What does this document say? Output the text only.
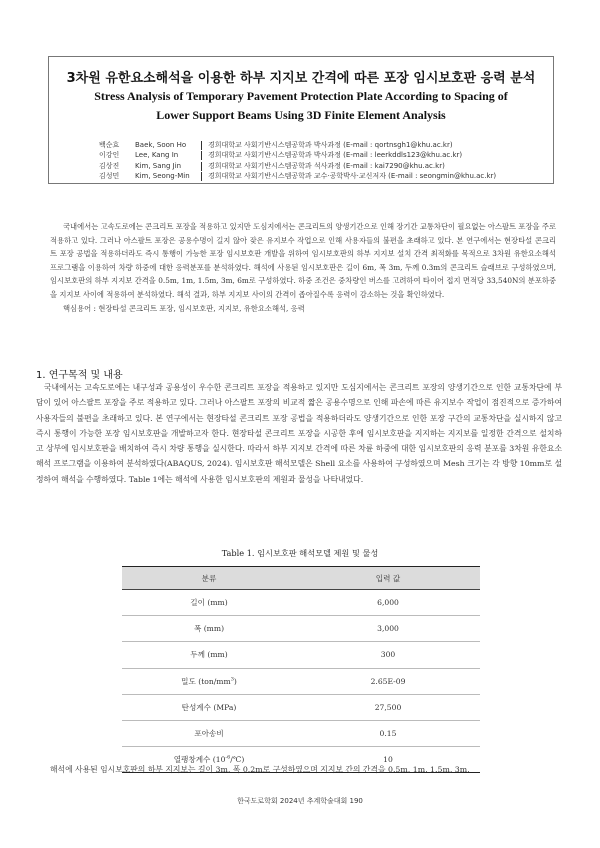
3차원 유한요소해석을 이용한 하부 지지보 간격에 따른 포장 임시보호판 응력 분석
Stress Analysis of Temporary Pavement Protection Plate According to Spacing of
Lower Support Beams Using 3D Finite Element Analysis
백순효	Baek, Soon Ho	경희대학교 사회기반시스템공학과 박사과정 (E-mail : qortnsgh1@khu.ac.kr)
이강인	Lee, Kang In	경희대학교 사회기반시스템공학과 박사과정 (E-mail : leerkddls123@khu.ac.kr)
김상진	Kim, Sang Jin	경희대학교 사회기반시스템공학과 석사과정 (E-mail : kai7290@khu.ac.kr)
김성민	Kim, Seong-Min	경희대학교 사회기반시스템공학과 교수·공학박사·교신저자 (E-mail : seongmin@khu.ac.kr)

국내에서는 고속도로에는 콘크리트 포장을 적용하고 있지만 도심지에서는 콘크리트의 양생기간으로 인해 장기간 교통차단이 필요없는 아스팔트 포장을 주로 적용하고 있다. 그러나 아스팔트 포장은 공용수명이 길지 않아 잦은 유지보수 작업으로 인해 사용자들의 불편을 초래하고 있다. 본 연구에서는 현장타설 콘크리트 포장 공법을 적용하더라도 즉시 통행이 가능한 포장 임시보호판 개발을 위하여 임시보호판의 하부 지지보 설치 간격 최적화를 목적으로 3차원 유한요소해석 프로그램을 이용하여 차량 하중에 대한 응력분포를 분석하였다. 해석에 사용된 임시보호판은 길이 6m, 폭 3m, 두께 0.3m의 콘크리트 슬래브로 구성하였으며, 임시보호판의 하부 지지보 간격을 0.5m, 1m, 1.5m, 3m, 6m로 구성하였다. 하중 조건은 중차량인 버스를 고려하여 타이어 접지 면적당 33,540N의 분포하중을 지지보 사이에 적용하여 분석하였다. 해석 결과, 하부 지지보 사이의 간격이 좁아질수록 응력이 감소하는 것을 확인하였다.

핵심용어 : 현장타설 콘크리트 포장, 임시보호판, 지지보, 유한요소해석, 응력

1. 연구목적 및 내용

국내에서는 고속도로에는 내구성과 공용성이 우수한 콘크리트 포장을 적용하고 있지만 도심지에서는 콘크리트 포장의 양생기간으로 인한 교통차단에 부담이 있어 아스팔트 포장을 주로 적용하고 있다. 그러나 아스팔트 포장의 비교적 짧은 공용수명으로 인해 파손에 따른 유지보수 작업이 점진적으로 증가하여 사용자들의 불편을 초래하고 있다. 본 연구에서는 현장타설 콘크리트 포장 공법을 적용하더라도 양생기간으로 인한 포장 구간의 교통차단을 실시하지 않고 즉시 통행이 가능한 포장 임시보호판을 개발하고자 한다. 현장타설 콘크리트 포장을 시공한 후에 임시보호판을 지지하는 지지보를 일정한 간격으로 설치하고 상부에 임시보호판을 배치하여 즉시 차량 통행을 실시한다. 따라서 하부 지지보 간격에 따른 차륜 하중에 대한 임시보호판의 응력 분포를 3차원 유한요소해석 프로그램을 이용하여 분석하였다(ABAQUS, 2024). 임시보호판 해석모델은 Shell 요소를 사용하여 구성하였으며 Mesh 크기는 각 방향 10mm로 설정하여 해석을 수행하였다. Table 1에는 해석에 사용한 임시보호판의 제원과 물성을 나타내었다.

Table 1. 임시보호판 해석모델 제원 및 물성
분류	입력 값
길이 (mm)	6,000
폭 (mm)	3,000
두께 (mm)	300
밀도 $(ton/mm^3)$	2.65E-09
탄성계수 (MPa)	27,500
포아송비	0.15
열팽창계수 $(10^{-6}/℃)$	10

해석에 사용된 임시보호판의 하부 지지보는 길이 3m, 폭 0.2m로 구성하였으며 지지보 간의 간격을 0.5m, 1m, 1.5m, 3m,

한국도로학회 2024년 추계학술대회 190
